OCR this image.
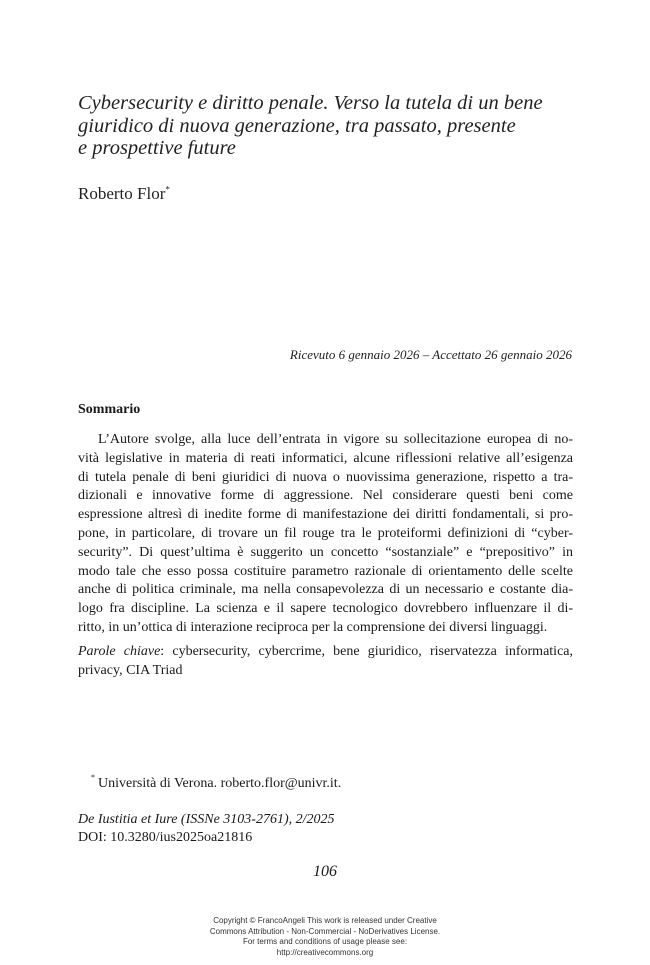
Cybersecurity e diritto penale. Verso la tutela di un bene
giuridico di nuova generazione, tra passato, presente
e prospettive future
Roberto Flor*
Ricevuto 6 gennaio 2026 – Accettato 26 gennaio 2026
Sommario
L’Autore svolge, alla luce dell’entrata in vigore su sollecitazione europea di no-
vità legislative in materia di reati informatici, alcune riflessioni relative all’esigenza
di tutela penale di beni giuridici di nuova o nuovissima generazione, rispetto a tra-
dizionali e innovative forme di aggressione. Nel considerare questi beni come
espressione altresì di inedite forme di manifestazione dei diritti fondamentali, si pro-
pone, in particolare, di trovare un fil rouge tra le proteiformi definizioni di “cyber-
security”. Di quest’ultima è suggerito un concetto “sostanziale” e “prepositivo” in
modo tale che esso possa costituire parametro razionale di orientamento delle scelte
anche di politica criminale, ma nella consapevolezza di un necessario e costante dia-
logo fra discipline. La scienza e il sapere tecnologico dovrebbero influenzare il di-
ritto, in un’ottica di interazione reciproca per la comprensione dei diversi linguaggi.
Parole chiave: cybersecurity, cybercrime, bene giuridico, riservatezza informatica,
privacy, CIA Triad
* Università di Verona. roberto.flor@univr.it.
De Iustitia et Iure (ISSNe 3103-2761), 2/2025
DOI: 10.3280/ius2025oa21816
106
Copyright © FrancoAngeli This work is released under Creative
Commons Attribution - Non-Commercial - NoDerivatives License.
For terms and conditions of usage please see:
http://creativecommons.org
